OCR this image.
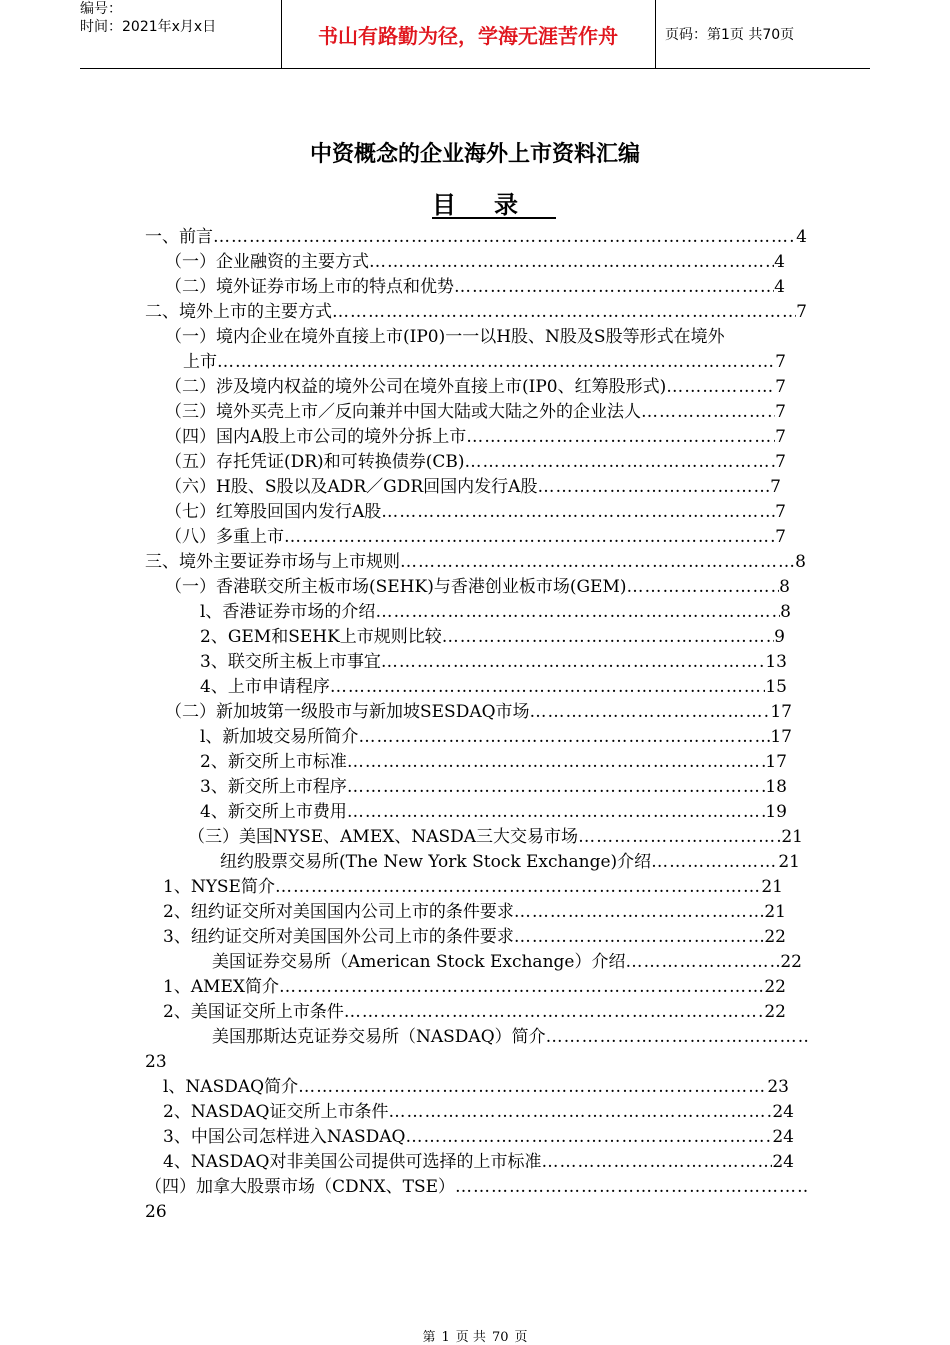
编号：
时间：2021年x月x日	书山有路勤为径，学海无涯苦作舟	页码：第1页 共70页
中资概念的企业海外上市资料汇编
目录
一、前言 ……………………………………………………………………………………………………………………………………………………………………………………………………………………	4
（一）企业融资的主要方式 ……………………………………………………………………………………………………………………………………………………………………………………………………………………	4
（二）境外证券市场上市的特点和优势 ……………………………………………………………………………………………………………………………………………………………………………………………………………………	4
二、境外上市的主要方式 ……………………………………………………………………………………………………………………………………………………………………………………………………………………	7
（一）境内企业在境外直接上市(IP0)一一以H股、N股及S股等形式在境外
上市 ……………………………………………………………………………………………………………………………………………………………………………………………………………………	7
（二）涉及境内权益的境外公司在境外直接上市(IP0、红筹股形式) ……………………………………………………………………………………………………………………………………………………………………………………………………………………	7
（三）境外买壳上市／反向兼并中国大陆或大陆之外的企业法人 ……………………………………………………………………………………………………………………………………………………………………………………………………………………	7
（四）国内A股上市公司的境外分拆上市 ……………………………………………………………………………………………………………………………………………………………………………………………………………………	7
（五）存托凭证(DR)和可转换债券(CB) ……………………………………………………………………………………………………………………………………………………………………………………………………………………	7
（六）H股、S股以及ADR／GDR回国内发行A股 ……………………………………………………………………………………………………………………………………………………………………………………………………………………	7
（七）红筹股回国内发行A股 ……………………………………………………………………………………………………………………………………………………………………………………………………………………	7
（八）多重上市 ……………………………………………………………………………………………………………………………………………………………………………………………………………………	7
三、境外主要证券市场与上市规则 ……………………………………………………………………………………………………………………………………………………………………………………………………………………	8
（一）香港联交所主板市场(SEHK)与香港创业板市场(GEM) ……………………………………………………………………………………………………………………………………………………………………………………………………………………	8
l、香港证券市场的介绍 ……………………………………………………………………………………………………………………………………………………………………………………………………………………	8
2、GEM和SEHK上市规则比较 ……………………………………………………………………………………………………………………………………………………………………………………………………………………	9
3、联交所主板上市事宜 ……………………………………………………………………………………………………………………………………………………………………………………………………………………	13
4、上市申请程序 ……………………………………………………………………………………………………………………………………………………………………………………………………………………	15
（二）新加坡第一级股市与新加坡SESDAQ市场 ……………………………………………………………………………………………………………………………………………………………………………………………………………………	17
l、新加坡交易所简介 ……………………………………………………………………………………………………………………………………………………………………………………………………………………	17
2、新交所上市标准 ……………………………………………………………………………………………………………………………………………………………………………………………………………………	17
3、新交所上市程序 ……………………………………………………………………………………………………………………………………………………………………………………………………………………	18
4、新交所上市费用 ……………………………………………………………………………………………………………………………………………………………………………………………………………………	19
（三）美国NYSE、AMEX、NASDA三大交易市场 ……………………………………………………………………………………………………………………………………………………………………………………………………………………	21
纽约股票交易所(The New York Stock Exchange)介绍 ……………………………………………………………………………………………………………………………………………………………………………………………………………………	21
1、NYSE简介 ……………………………………………………………………………………………………………………………………………………………………………………………………………………	21
2、纽约证交所对美国国内公司上市的条件要求 ……………………………………………………………………………………………………………………………………………………………………………………………………………………	21
3、纽约证交所对美国国外公司上市的条件要求 ……………………………………………………………………………………………………………………………………………………………………………………………………………………	22
美国证券交易所（American Stock Exchange）介绍 ……………………………………………………………………………………………………………………………………………………………………………………………………………………	22
1、AMEX简介 ……………………………………………………………………………………………………………………………………………………………………………………………………………………	22
2、美国证交所上市条件 ……………………………………………………………………………………………………………………………………………………………………………………………………………………	22
美国那斯达克证券交易所（NASDAQ）简介
……………………………………………………………………………………………………………………………………………………………………………………………………………………
23
l、NASDAQ简介 ……………………………………………………………………………………………………………………………………………………………………………………………………………………	23
2、NASDAQ证交所上市条件 ……………………………………………………………………………………………………………………………………………………………………………………………………………………	24
3、中国公司怎样进入NASDAQ ……………………………………………………………………………………………………………………………………………………………………………………………………………………	24
4、NASDAQ对非美国公司提供可选择的上市标准 ……………………………………………………………………………………………………………………………………………………………………………………………………………………	24
（四）加拿大股票市场（CDNX、TSE）
……………………………………………………………………………………………………………………………………………………………………………………………………………………
26
第 1 页 共 70 页
